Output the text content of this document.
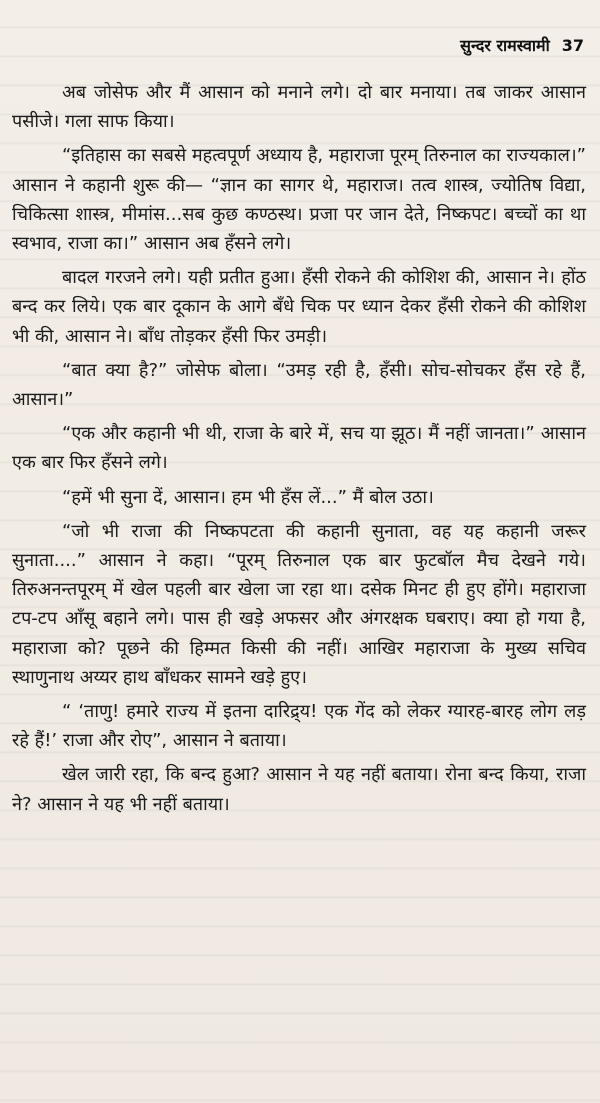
सुन्दर रामस्वामी 37

अब जोसेफ और मैं आसान को मनाने लगे। दो बार मनाया। तब जाकर आसान पसीजे। गला साफ किया।

“इतिहास का सबसे महत्वपूर्ण अध्याय है, महाराजा पूरम् तिरुनाल का राज्यकाल।” आसान ने कहानी शुरू की— “ज्ञान का सागर थे, महाराज। तत्व शास्त्र, ज्योतिष विद्या, चिकित्सा शास्त्र, मीमांस...सब कुछ कण्ठस्थ। प्रजा पर जान देते, निष्कपट। बच्चों का था स्वभाव, राजा का।” आसान अब हँसने लगे।

बादल गरजने लगे। यही प्रतीत हुआ। हँसी रोकने की कोशिश की, आसान ने। होंठ बन्द कर लिये। एक बार दूकान के आगे बँधे चिक पर ध्यान देकर हँसी रोकने की कोशिश भी की, आसान ने। बाँध तोड़कर हँसी फिर उमड़ी।

“बात क्या है?” जोसेफ बोला। “उमड़ रही है, हँसी। सोच-सोचकर हँस रहे हैं, आसान।”

“एक और कहानी भी थी, राजा के बारे में, सच या झूठ। मैं नहीं जानता।” आसान एक बार फिर हँसने लगे।

“हमें भी सुना दें, आसान। हम भी हँस लें...” मैं बोल उठा।

“जो भी राजा की निष्कपटता की कहानी सुनाता, वह यह कहानी जरूर सुनाता....” आसान ने कहा। “पूरम् तिरुनाल एक बार फुटबॉल मैच देखने गये। तिरुअनन्तपूरम् में खेल पहली बार खेला जा रहा था। दसेक मिनट ही हुए होंगे। महाराजा टप-टप आँसू बहाने लगे। पास ही खड़े अफसर और अंगरक्षक घबराए। क्या हो गया है, महाराजा को? पूछने की हिम्मत किसी की नहीं। आखिर महाराजा के मुख्य सचिव स्थाणुनाथ अय्यर हाथ बाँधकर सामने खड़े हुए।

“ ‘ताणु! हमारे राज्य में इतना दारिद्र्य! एक गेंद को लेकर ग्यारह-बारह लोग लड़ रहे हैं!’ राजा और रोए”, आसान ने बताया।

खेल जारी रहा, कि बन्द हुआ? आसान ने यह नहीं बताया। रोना बन्द किया, राजा ने? आसान ने यह भी नहीं बताया।
